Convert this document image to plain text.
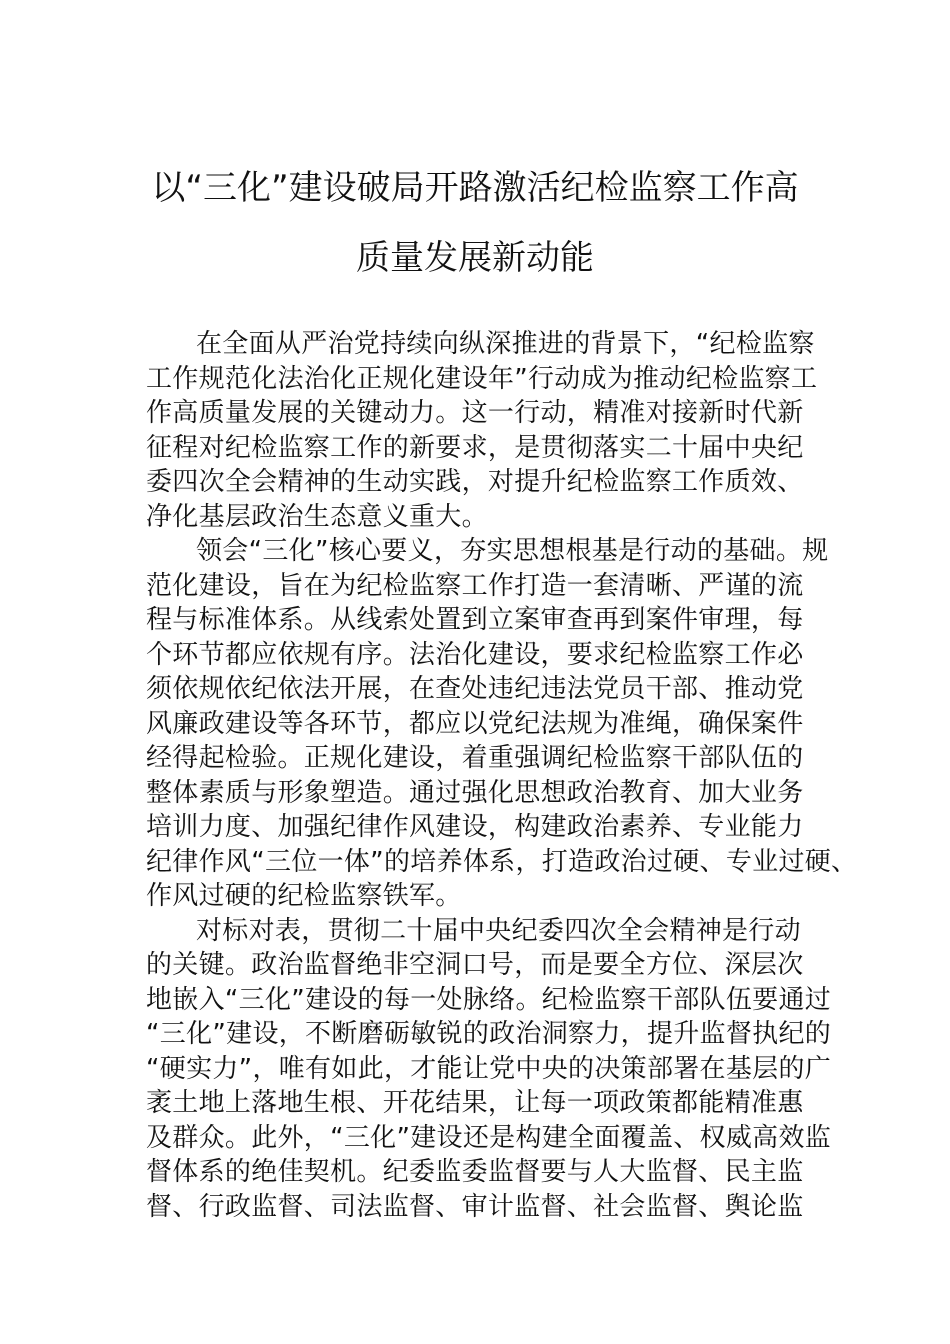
以“三化”建设破局开路激活纪检监察工作高
质量发展新动能
在全面从严治党持续向纵深推进的背景下，“纪检监察
工作规范化法治化正规化建设年”行动成为推动纪检监察工
作高质量发展的关键动力。这一行动，精准对接新时代新
征程对纪检监察工作的新要求，是贯彻落实二十届中央纪
委四次全会精神的生动实践，对提升纪检监察工作质效、
净化基层政治生态意义重大。
领会“三化”核心要义，夯实思想根基是行动的基础。规
范化建设，旨在为纪检监察工作打造一套清晰、严谨的流
程与标准体系。从线索处置到立案审查再到案件审理，每
个环节都应依规有序。法治化建设，要求纪检监察工作必
须依规依纪依法开展，在查处违纪违法党员干部、推动党
风廉政建设等各环节，都应以党纪法规为准绳，确保案件
经得起检验。正规化建设，着重强调纪检监察干部队伍的
整体素质与形象塑造。通过强化思想政治教育、加大业务
培训力度、加强纪律作风建设，构建政治素养、专业能力
纪律作风“三位一体”的培养体系，打造政治过硬、专业过硬、
作风过硬的纪检监察铁军。
对标对表，贯彻二十届中央纪委四次全会精神是行动
的关键。政治监督绝非空洞口号，而是要全方位、深层次
地嵌入“三化”建设的每一处脉络。纪检监察干部队伍要通过
“三化”建设，不断磨砺敏锐的政治洞察力，提升监督执纪的
“硬实力”，唯有如此，才能让党中央的决策部署在基层的广
袤土地上落地生根、开花结果，让每一项政策都能精准惠
及群众。此外，“三化”建设还是构建全面覆盖、权威高效监
督体系的绝佳契机。纪委监委监督要与人大监督、民主监
督、行政监督、司法监督、审计监督、社会监督、舆论监
